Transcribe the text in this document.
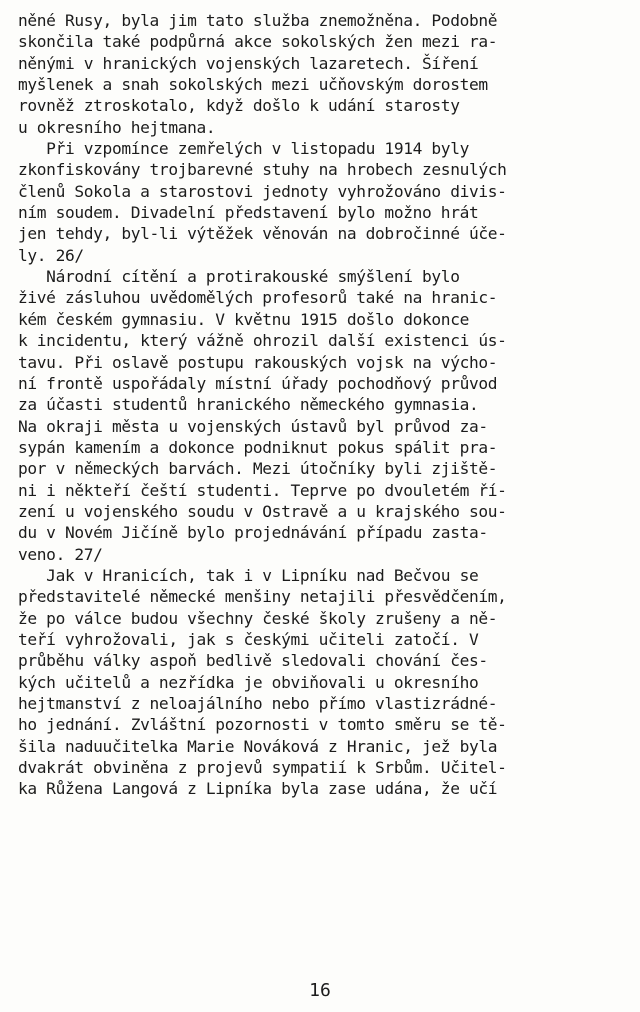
něné Rusy, byla jim tato služba znemožněna. Podobně
skončila také podpůrná akce sokolských žen mezi ra-
něnými v hranických vojenských lazaretech. Šíření
myšlenek a snah sokolských mezi učňovským dorostem
rovněž ztroskotalo, když došlo k udání starosty
u okresního hejtmana.
Při vzpomínce zemřelých v listopadu 1914 byly
zkonfiskovány trojbarevné stuhy na hrobech zesnulých
členů Sokola a starostovi jednoty vyhrožováno divis-
ním soudem. Divadelní představení bylo možno hrát
jen tehdy, byl-li výtěžek věnován na dobročinné úče-
ly. 26/
Národní cítění a protirakouské smýšlení bylo
živé zásluhou uvědomělých profesorů také na hranic-
kém českém gymnasiu. V květnu 1915 došlo dokonce
k incidentu, který vážně ohrozil další existenci ús-
tavu. Při oslavě postupu rakouských vojsk na výcho-
ní frontě uspořádaly místní úřady pochodňový průvod
za účasti studentů hranického německého gymnasia.
Na okraji města u vojenských ústavů byl průvod za-
sypán kamením a dokonce podniknut pokus spálit pra-
por v německých barvách. Mezi útočníky byli zjiště-
ni i někteří čeští studenti. Teprve po dvouletém ří-
zení u vojenského soudu v Ostravě a u krajského sou-
du v Novém Jičíně bylo projednávání případu zasta-
veno. 27/
Jak v Hranicích, tak i v Lipníku nad Bečvou se
představitelé německé menšiny netajili přesvědčením,
že po válce budou všechny české školy zrušeny a ně-
teří vyhrožovali, jak s českými učiteli zatočí. V
průběhu války aspoň bedlivě sledovali chování čes-
kých učitelů a nezřídka je obviňovali u okresního
hejtmanství z neloajálního nebo přímo vlastizrádné-
ho jednání. Zvláštní pozornosti v tomto směru se tě-
šila naduučitelka Marie Nováková z Hranic, jež byla
dvakrát obviněna z projevů sympatií k Srbům. Učitel-
ka Růžena Langová z Lipníka byla zase udána, že učí
16
